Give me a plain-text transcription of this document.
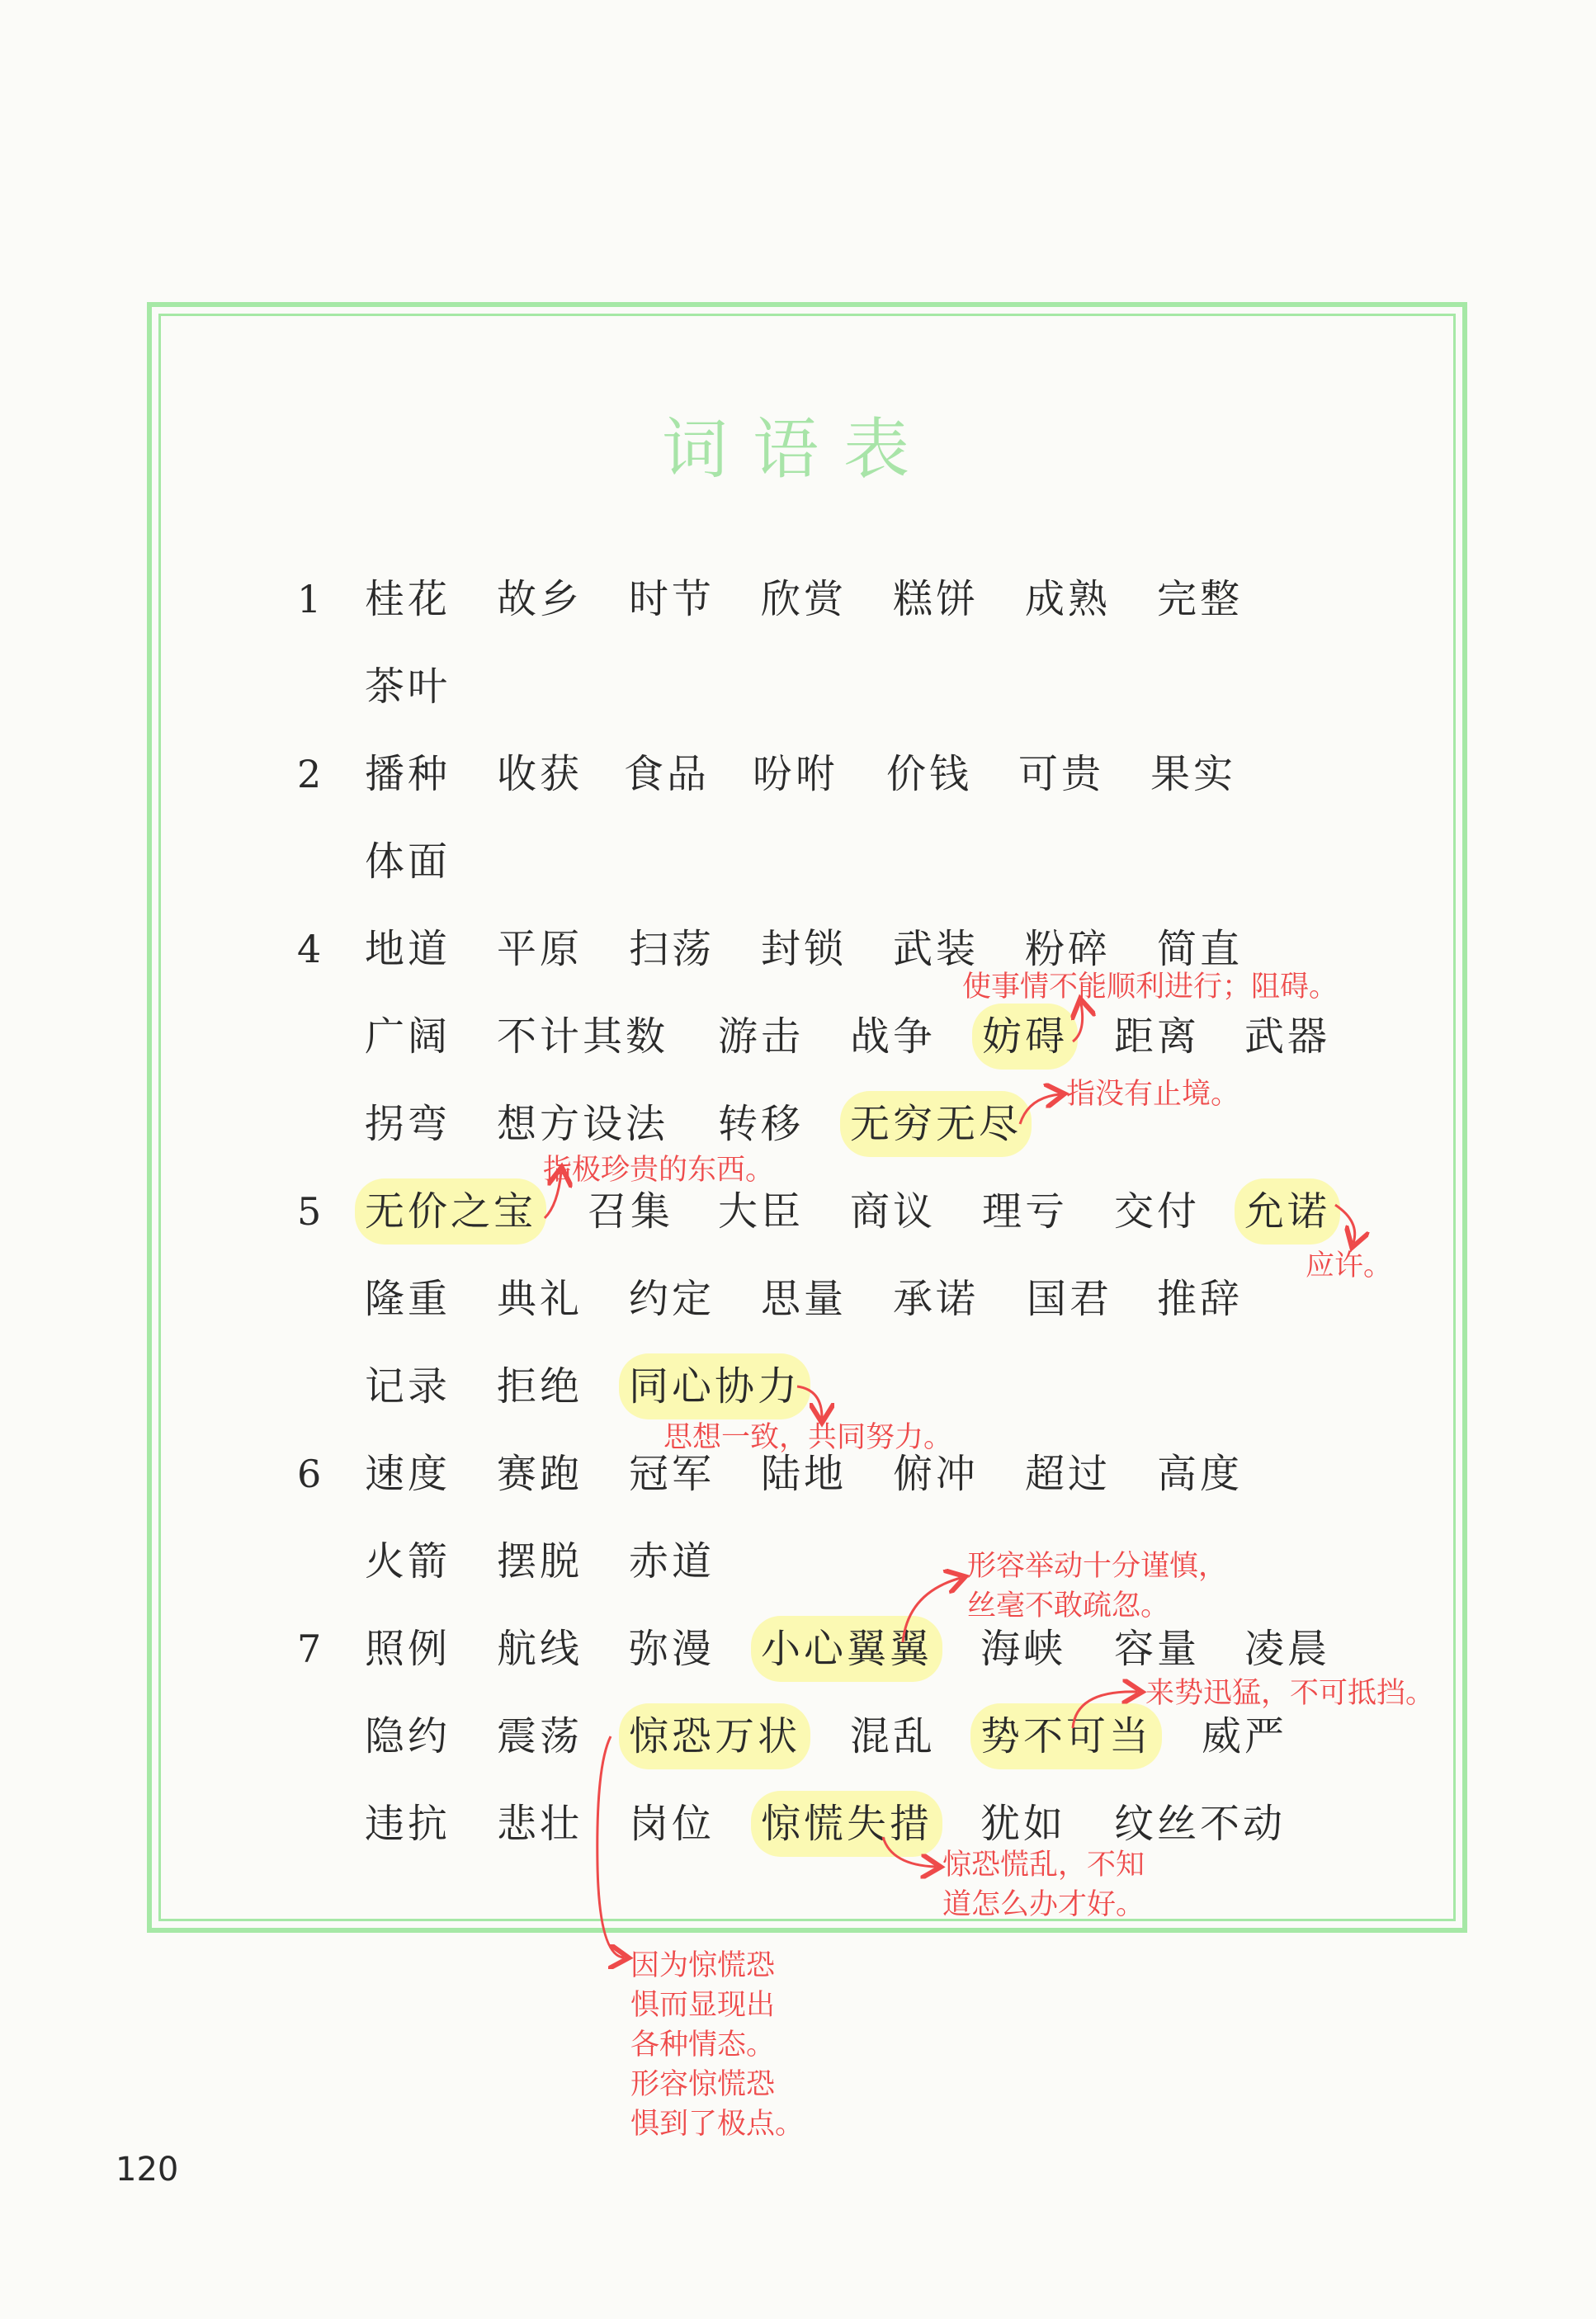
词语表
1 桂花 故乡 时节 欣赏 糕饼 成熟 完整
茶叶
2 播种 收获 食品 吩咐 价钱 可贵 果实
体面
4 地道 平原 扫荡 封锁 武装 粉碎 简直
广阔 不计其数 游击 战争 妨碍 距离 武器
拐弯 想方设法 转移 无穷无尽
5 无价之宝 召集 大臣 商议 理亏 交付 允诺
隆重 典礼 约定 思量 承诺 国君 推辞
记录 拒绝 同心协力
6 速度 赛跑 冠军 陆地 俯冲 超过 高度
火箭 摆脱 赤道
7 照例 航线 弥漫 小心翼翼 海峡 容量 凌晨
隐约 震荡 惊恐万状 混乱 势不可当 威严
违抗 悲壮 岗位 惊慌失措 犹如 纹丝不动
使事情不能顺利进行；阻碍。
指没有止境。
指极珍贵的东西。
应许。
思想一致，共同努力。
形容举动十分谨慎，
丝毫不敢疏忽。
来势迅猛，不可抵挡。
惊恐慌乱，不知
道怎么办才好。
因为惊慌恐
惧而显现出
各种情态。
形容惊慌恐
惧到了极点。
120
